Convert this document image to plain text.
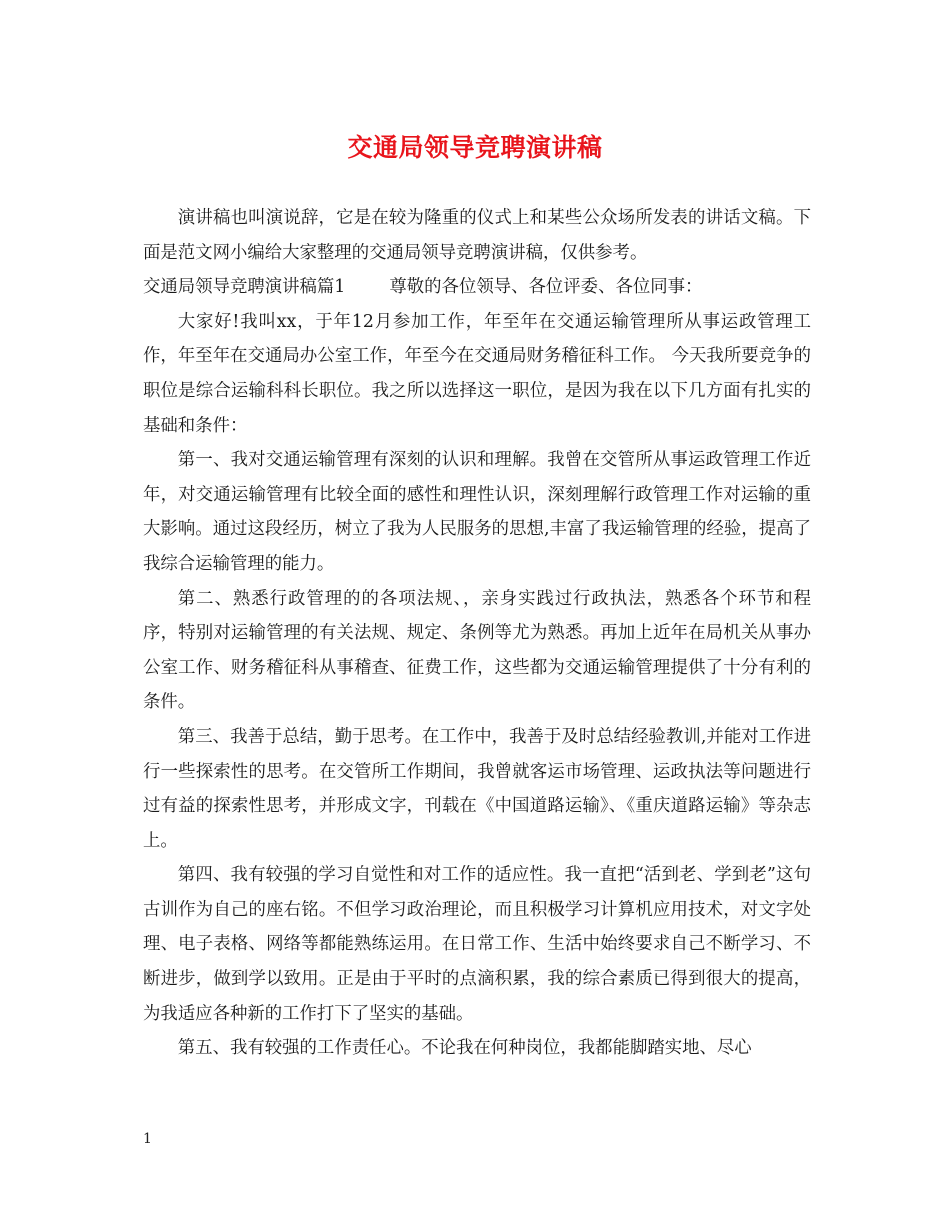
交通局领导竞聘演讲稿

演讲稿也叫演说辞，它是在较为隆重的仪式上和某些公众场所发表的讲话文稿。下面是范文网小编给大家整理的交通局领导竞聘演讲稿，仅供参考。

交通局领导竞聘演讲稿篇1	尊敬的各位领导、各位评委、各位同事：

大家好!我叫xx，于年12月参加工作，年至年在交通运输管理所从事运政管理工作，年至年在交通局办公室工作，年至今在交通局财务稽征科工作。 今天我所要竞争的职位是综合运输科科长职位。我之所以选择这一职位，是因为我在以下几方面有扎实的基础和条件：

第一、我对交通运输管理有深刻的认识和理解。我曾在交管所从事运政管理工作近年，对交通运输管理有比较全面的感性和理性认识，深刻理解行政管理工作对运输的重大影响。通过这段经历，树立了我为人民服务的思想,丰富了我运输管理的经验，提高了我综合运输管理的能力。

第二、熟悉行政管理的的各项法规、，亲身实践过行政执法，熟悉各个环节和程序，特别对运输管理的有关法规、规定、条例等尤为熟悉。再加上近年在局机关从事办公室工作、财务稽征科从事稽查、征费工作，这些都为交通运输管理提供了十分有利的条件。

第三、我善于总结，勤于思考。在工作中，我善于及时总结经验教训,并能对工作进行一些探索性的思考。在交管所工作期间，我曾就客运市场管理、运政执法等问题进行过有益的探索性思考，并形成文字，刊载在《中国道路运输》、《重庆道路运输》等杂志上。

第四、我有较强的学习自觉性和对工作的适应性。我一直把“活到老、学到老”这句古训作为自己的座右铭。不但学习政治理论，而且积极学习计算机应用技术，对文字处理、电子表格、网络等都能熟练运用。在日常工作、生活中始终要求自己不断学习、不断进步，做到学以致用。正是由于平时的点滴积累，我的综合素质已得到很大的提高，为我适应各种新的工作打下了坚实的基础。

第五、我有较强的工作责任心。不论我在何种岗位，我都能脚踏实地、尽心

1
